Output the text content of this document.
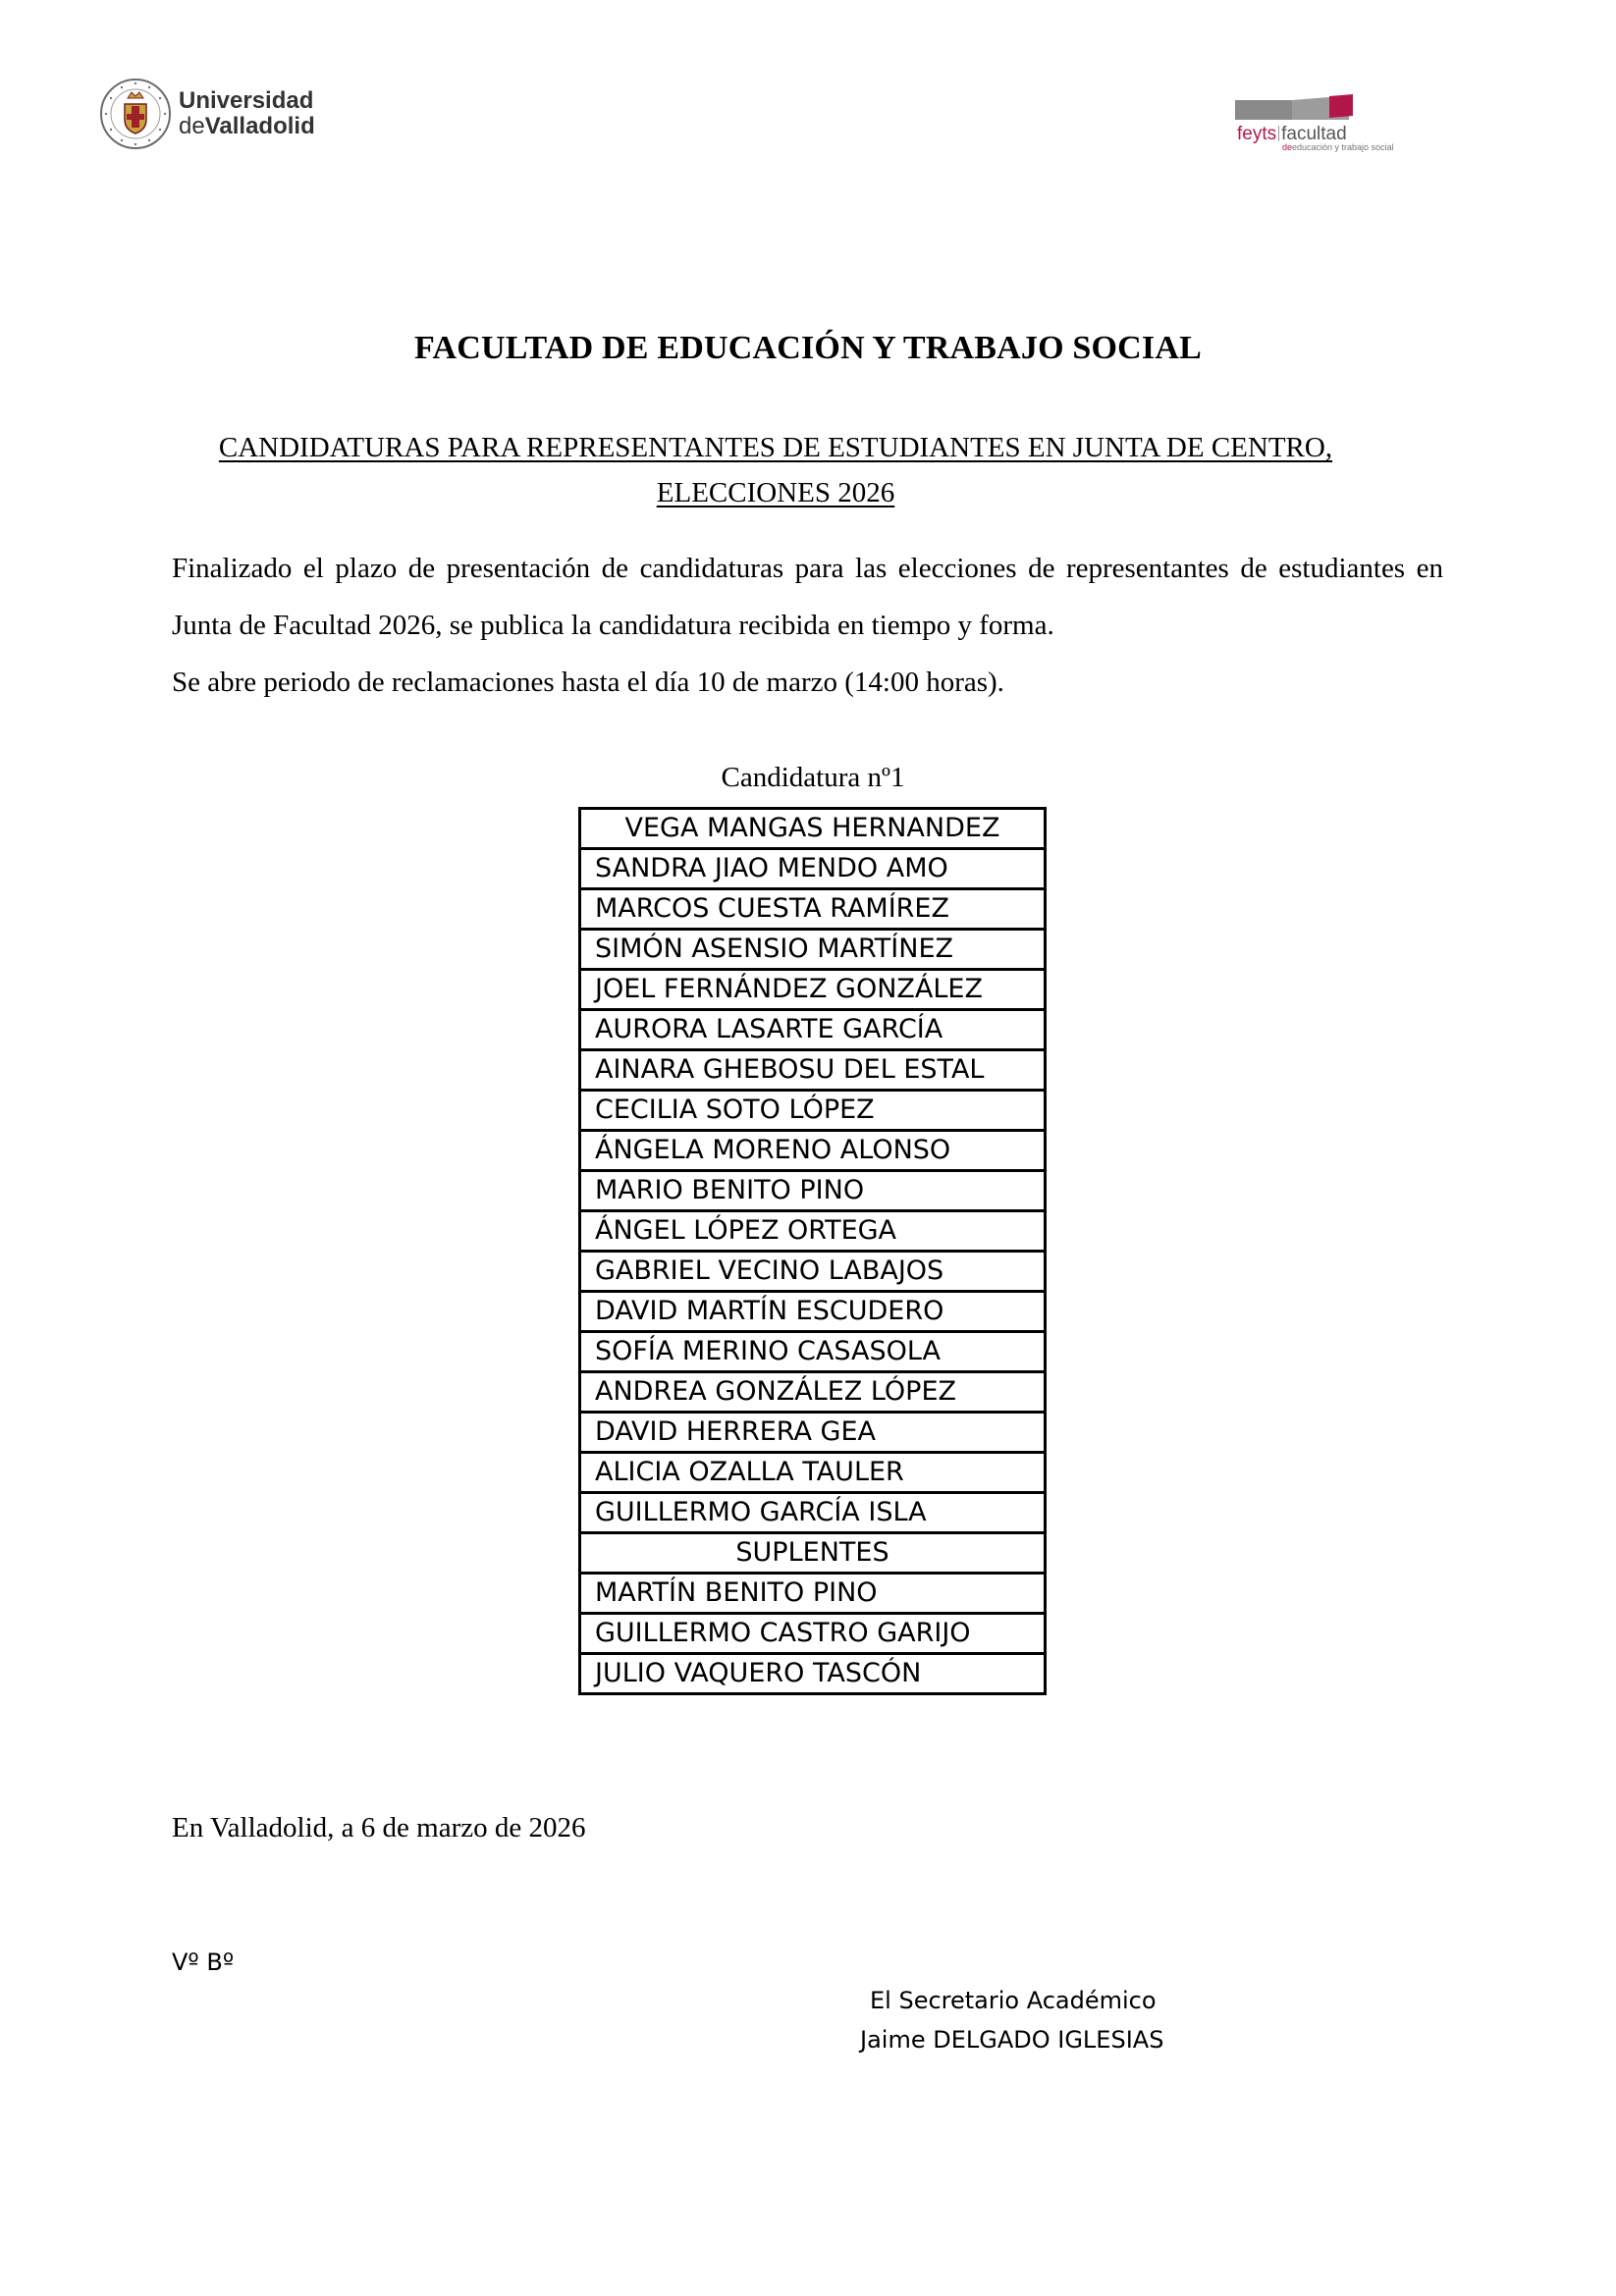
Universidad
deValladolid	feyts facultad
deeducación y trabajo social
FACULTAD DE EDUCACIÓN Y TRABAJO SOCIAL
CANDIDATURAS PARA REPRESENTANTES DE ESTUDIANTES EN JUNTA DE CENTRO, ELECCIONES 2026
Finalizado el plazo de presentación de candidaturas para las elecciones de representantes de estudiantes en Junta de Facultad 2026, se publica la candidatura recibida en tiempo y forma.
Se abre periodo de reclamaciones hasta el día 10 de marzo (14:00 horas).
Candidatura nº1
VEGA MANGAS HERNANDEZ
SANDRA JIAO MENDO AMO
MARCOS CUESTA RAMÍREZ
SIMÓN ASENSIO MARTÍNEZ
JOEL FERNÁNDEZ GONZÁLEZ
AURORA LASARTE GARCÍA
AINARA GHEBOSU DEL ESTAL
CECILIA SOTO LÓPEZ
ÁNGELA MORENO ALONSO
MARIO BENITO PINO
ÁNGEL LÓPEZ ORTEGA
GABRIEL VECINO LABAJOS
DAVID MARTÍN ESCUDERO
SOFÍA MERINO CASASOLA
ANDREA GONZÁLEZ LÓPEZ
DAVID HERRERA GEA
ALICIA OZALLA TAULER
GUILLERMO GARCÍA ISLA
SUPLENTES
MARTÍN BENITO PINO
GUILLERMO CASTRO GARIJO
JULIO VAQUERO TASCÓN
En Valladolid, a 6 de marzo de 2026
Vº Bº
El Secretario Académico
Jaime DELGADO IGLESIAS
